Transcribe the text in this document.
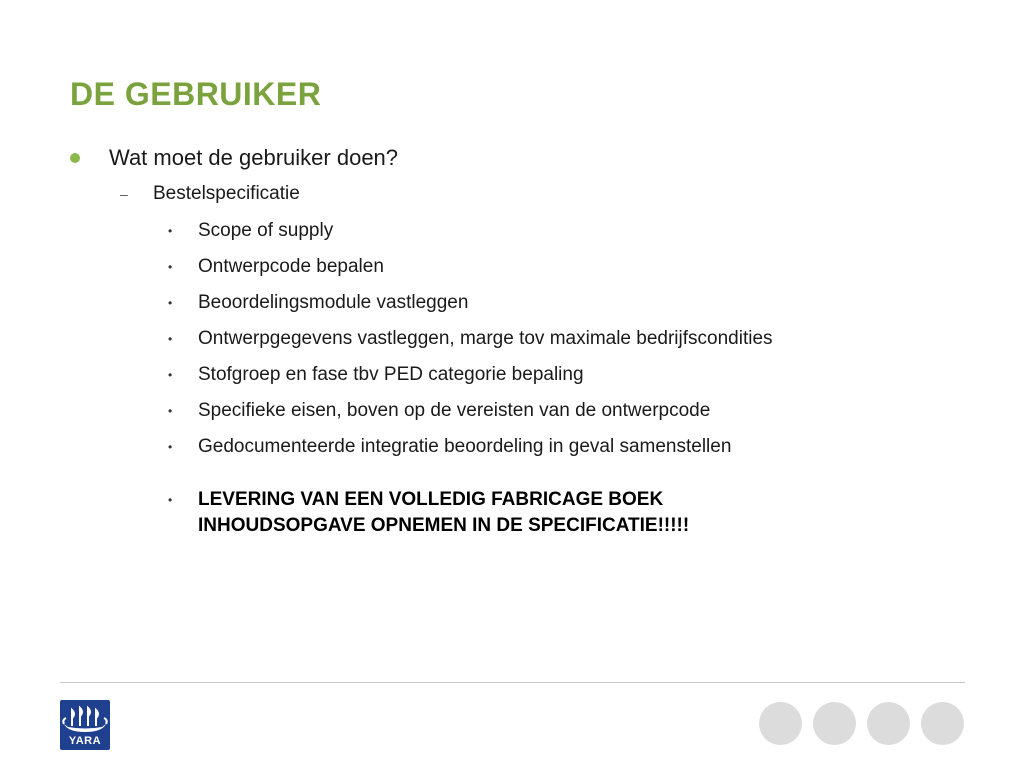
DE GEBRUIKER
Wat moet de gebruiker doen?
– Bestelspecificatie
•	Scope of supply
•	Ontwerpcode bepalen
•	Beoordelingsmodule vastleggen
•	Ontwerpgegevens vastleggen, marge tov maximale bedrijfscondities
•	Stofgroep en fase tbv PED categorie bepaling
•	Specifieke eisen, boven op de vereisten van de ontwerpcode
•	Gedocumenteerde integratie beoordeling in geval samenstellen
•	LEVERING VAN EEN VOLLEDIG FABRICAGE BOEK
INHOUDSOPGAVE OPNEMEN IN DE SPECIFICATIE!!!!!
YARA
